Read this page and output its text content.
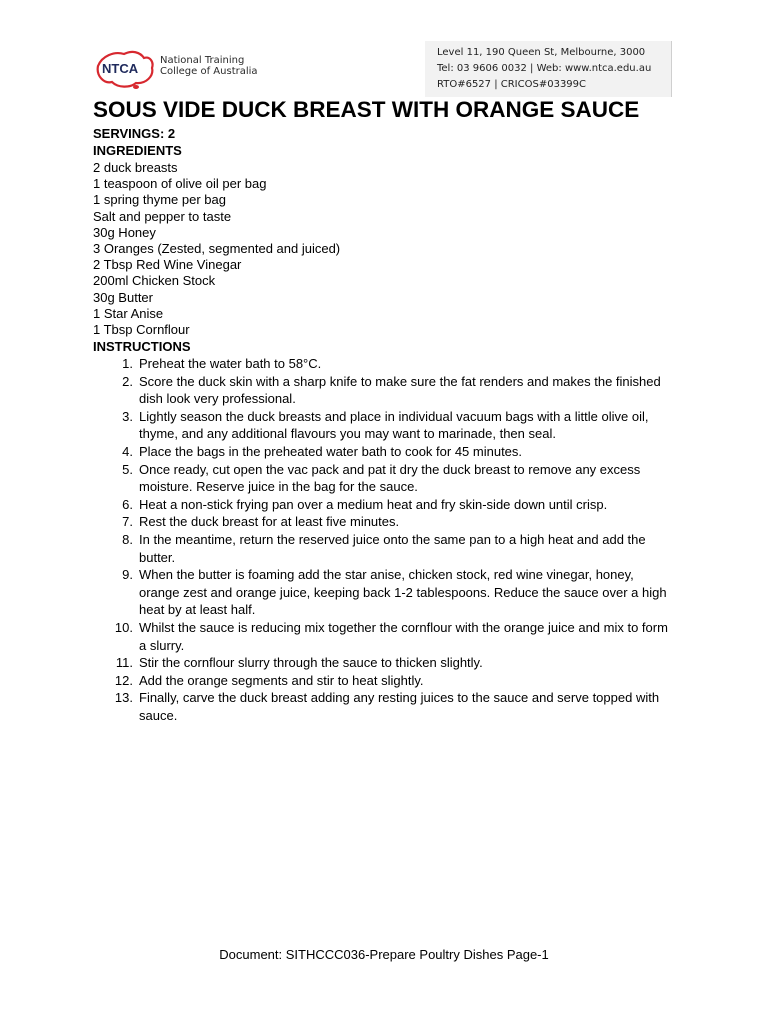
NTCA
National Training
College of Australia
Level 11, 190 Queen St, Melbourne, 3000
Tel: 03 9606 0032 | Web: www.ntca.edu.au
RTO#6527 | CRICOS#03399C
SOUS VIDE DUCK BREAST WITH ORANGE SAUCE
SERVINGS: 2
INGREDIENTS
2 duck breasts
1 teaspoon of olive oil per bag
1 spring thyme per bag
Salt and pepper to taste
30g Honey
3 Oranges (Zested, segmented and juiced)
2 Tbsp Red Wine Vinegar
200ml Chicken Stock
30g Butter
1 Star Anise
1 Tbsp Cornflour
INSTRUCTIONS
1. Preheat the water bath to 58°C.
2. Score the duck skin with a sharp knife to make sure the fat renders and makes the finished dish look very professional.
3. Lightly season the duck breasts and place in individual vacuum bags with a little olive oil, thyme, and any additional flavours you may want to marinade, then seal.
4. Place the bags in the preheated water bath to cook for 45 minutes.
5. Once ready, cut open the vac pack and pat it dry the duck breast to remove any excess moisture. Reserve juice in the bag for the sauce.
6. Heat a non-stick frying pan over a medium heat and fry skin-side down until crisp.
7. Rest the duck breast for at least five minutes.
8. In the meantime, return the reserved juice onto the same pan to a high heat and add the butter.
9. When the butter is foaming add the star anise, chicken stock, red wine vinegar, honey, orange zest and orange juice, keeping back 1-2 tablespoons. Reduce the sauce over a high heat by at least half.
10. Whilst the sauce is reducing mix together the cornflour with the orange juice and mix to form a slurry.
11. Stir the cornflour slurry through the sauce to thicken slightly.
12. Add the orange segments and stir to heat slightly.
13. Finally, carve the duck breast adding any resting juices to the sauce and serve topped with sauce.
Document: SITHCCC036-Prepare Poultry Dishes Page-1
